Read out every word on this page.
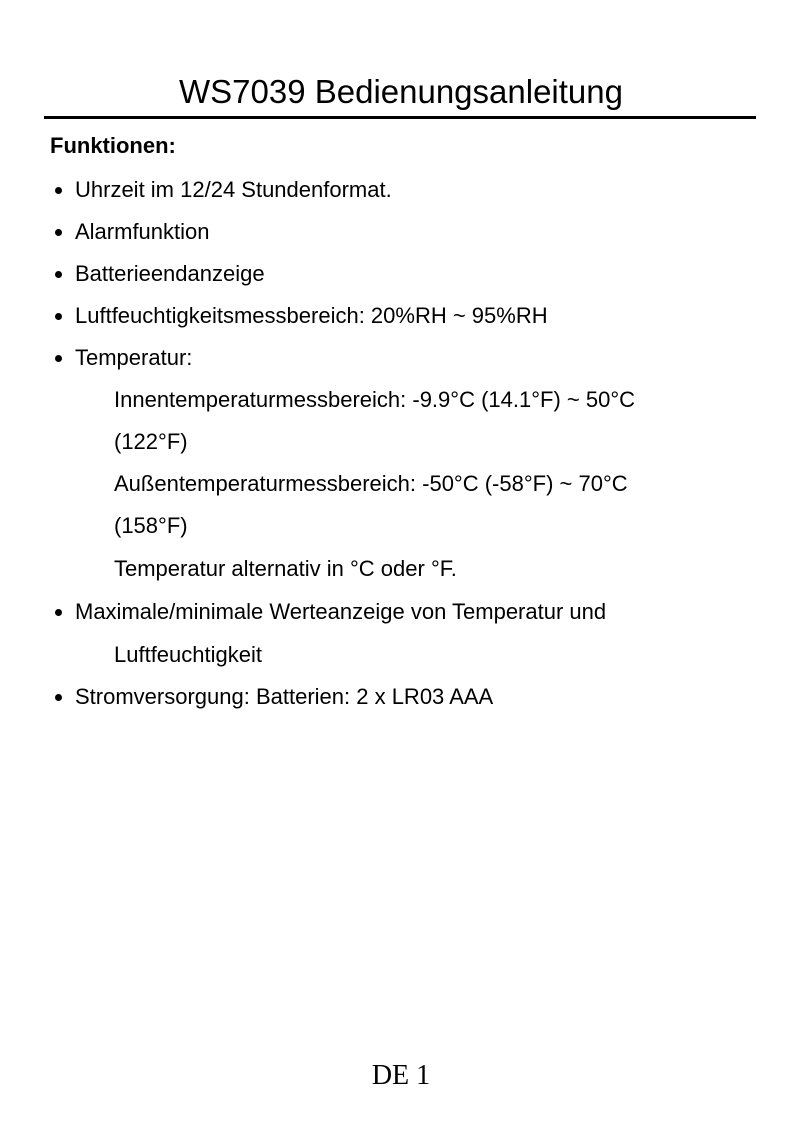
WS7039 Bedienungsanleitung
Funktionen:
Uhrzeit im 12/24 Stundenformat.
Alarmfunktion
Batterieendanzeige
Luftfeuchtigkeitsmessbereich: 20%RH ~ 95%RH
Temperatur:
Innentemperaturmessbereich: -9.9°C (14.1°F) ~ 50°C
(122°F)
Außentemperaturmessbereich: -50°C (-58°F) ~ 70°C
(158°F)
Temperatur alternativ in °C oder °F.
Maximale/minimale Werteanzeige von Temperatur und
Luftfeuchtigkeit
Stromversorgung: Batterien: 2 x LR03 AAA
DE 1
